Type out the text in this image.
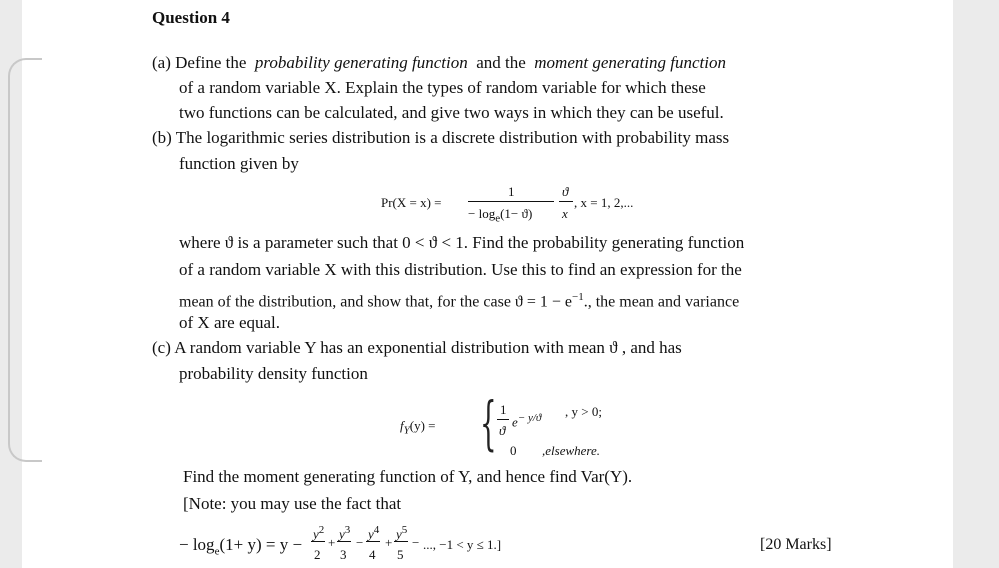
Question 4
(a) Define the probability generating function and the moment generating function
of a random variable X. Explain the types of random variable for which these
two functions can be calculated, and give two ways in which they can be useful.
(b) The logarithmic series distribution is a discrete distribution with probability mass
function given by
Pr(X = x) =
1
− $\log_e(1- ϑ)$
ϑ
x
, x = 1, 2,...
where ϑ is a parameter such that 0 < ϑ < 1. Find the probability generating function
of a random variable X with this distribution. Use this to find an expression for the
mean of the distribution, and show that, for the case $ϑ = 1 - e^{-1}$., the mean and variance
of X are equal.
(c) A random variable Y has an exponential distribution with mean ϑ , and has
probability density function
$f_Y(y)$ = { 1
ϑ
$e^{- y/ϑ}$ , y > 0;
0 ,elsewhere.
Find the moment generating function of Y, and hence find Var(Y).
[Note: you may use the fact that
− $\log_e(1+ y) = y$ −
$y^2$
2
+
$y^3$
3
−
$y^4$
4
+
$y^5$
5
− ..., −1 < y ≤ 1.]	[20 Marks]
